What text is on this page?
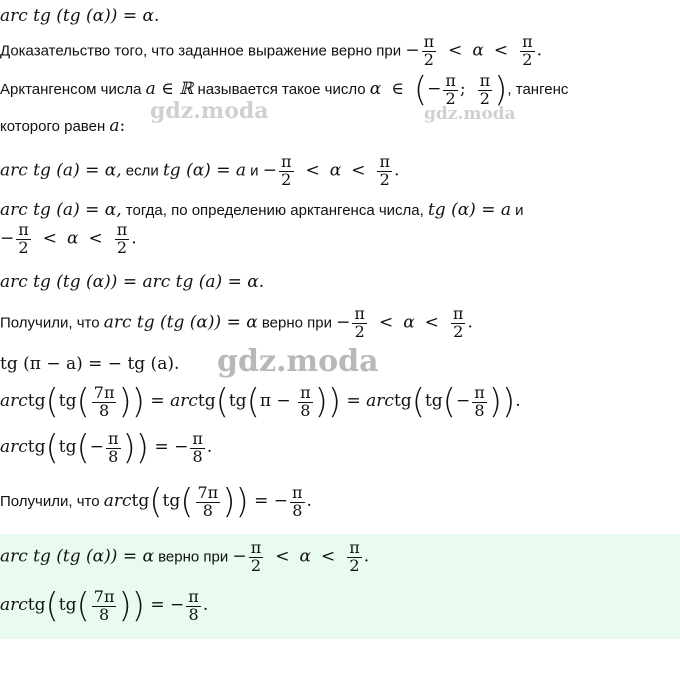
gdz.moda	gdz.moda
gdz.moda
arc tg (tg (α)) = α.
Доказательство того, что заданное выражение верно при − $\frac{\pi}{2} < \alpha < \frac{\pi}{2}$ .
Арктангенсом числа a ∈ ℝ называется такое число α ∈ (− $\frac{\pi}{2}$ ; $\frac{\pi}{2}$ ), тангенс
которого равен a:
arc tg (a) = α, если tg (α) = a $и - \frac{\pi}{2} < \alpha < \frac{\pi}{2}$ .
arc tg (a) = α, тогда, по определению арктангенса числа, tg (α) = a и
− $\frac{\pi}{2} < \alpha < \frac{\pi}{2}$ .
arc tg (tg (α)) = arc tg (a) = α.
Получили, что arc tg (tg (α)) = α верно при − $\frac{\pi}{2} < \alpha < \frac{\pi}{2}$ .
tg (π − a) = − tg (a).
arctg(tg( $\frac{7\pi}{8}$ )) = arctg(tg(π − $\frac{\pi}{8}$ )) = arctg(tg(− $\frac{\pi}{8}$ )).
arctg(tg(− $\frac{\pi}{8}$ )) = − $\frac{\pi}{8}$ .
Получили, что arctg(tg( $\frac{7\pi}{8}$ )) = − $\frac{\pi}{8}$ .
arc tg (tg (α)) = α верно при − $\frac{\pi}{2} < \alpha < \frac{\pi}{2}$ .
arctg(tg( $\frac{7\pi}{8}$ )) = − $\frac{\pi}{8}$ .
